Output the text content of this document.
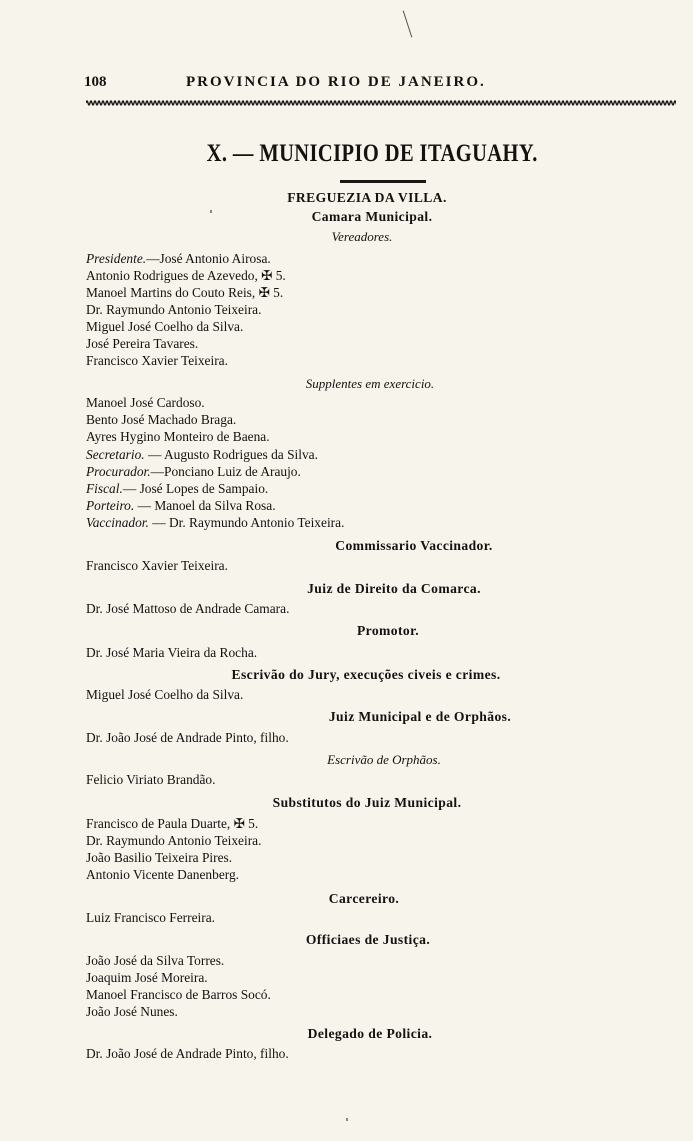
108	PROVINCIA DO RIO DE JANEIRO.
X. — MUNICIPIO DE ITAGUAHY.
FREGUEZIA DA VILLA.
Camara Municipal.
Vereadores.
Presidente.—José Antonio Airosa.
Antonio Rodrigues de Azevedo, ✠ 5.
Manoel Martins do Couto Reis, ✠ 5.
Dr. Raymundo Antonio Teixeira.
Miguel José Coelho da Silva.
José Pereira Tavares.
Francisco Xavier Teixeira.
Supplentes em exercicio.
Manoel José Cardoso.
Bento José Machado Braga.
Ayres Hygino Monteiro de Baena.
Secretario. — Augusto Rodrigues da Silva.
Procurador.—Ponciano Luiz de Araujo.
Fiscal.— José Lopes de Sampaio.
Porteiro. — Manoel da Silva Rosa.
Vaccinador. — Dr. Raymundo Antonio Teixeira.
Commissario Vaccinador.
Francisco Xavier Teixeira.
Juiz de Direito da Comarca.
Dr. José Mattoso de Andrade Camara.
Promotor.
Dr. José Maria Vieira da Rocha.
Escrivão do Jury, execuções civeis e crimes.
Miguel José Coelho da Silva.
Juiz Municipal e de Orphãos.
Dr. João José de Andrade Pinto, filho.
Escrivão de Orphãos.
Felicio Viriato Brandão.
Substitutos do Juiz Municipal.
Francisco de Paula Duarte, ✠ 5.
Dr. Raymundo Antonio Teixeira.
João Basilio Teixeira Pires.
Antonio Vicente Danenberg.
Carcereiro.
Luiz Francisco Ferreira.
Officiaes de Justiça.
João José da Silva Torres.
Joaquim José Moreira.
Manoel Francisco de Barros Socó.
João José Nunes.
Delegado de Policia.
Dr. João José de Andrade Pinto, filho.
